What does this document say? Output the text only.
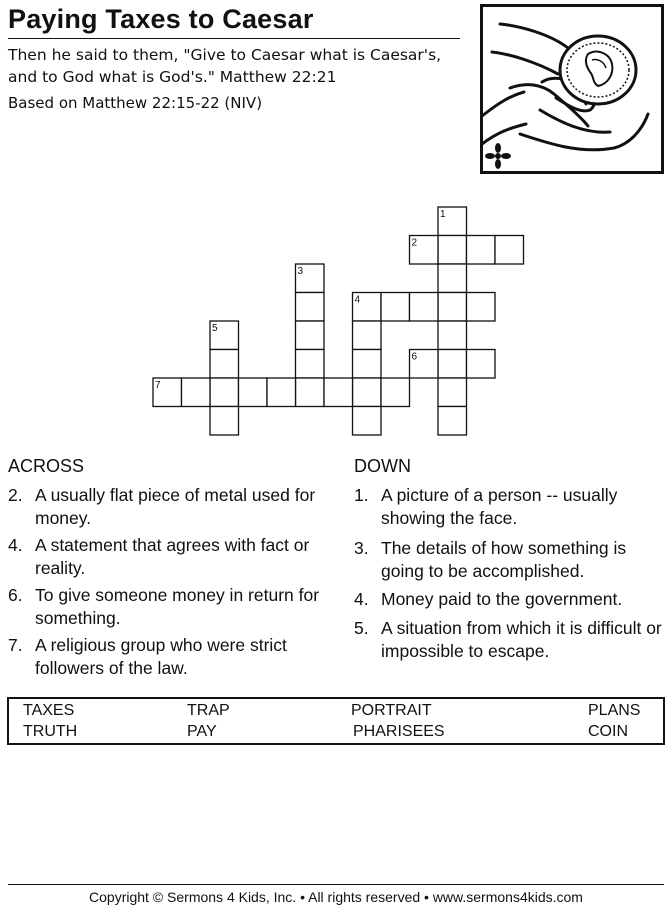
Paying Taxes to Caesar
Then he said to them, "Give to Caesar what is Caesar's, and to God what is God's." Matthew 22:21
Based on Matthew 22:15-22 (NIV)
1
2
3
4
5
6
7
ACROSS	DOWN
2. A usually flat piece of metal used for money.
4. A statement that agrees with fact or reality.
6. To give someone money in return for something.
7. A religious group who were strict followers of the law.
1. A picture of a person -- usually showing the face.
3. The details of how something is going to be accomplished.
4. Money paid to the government.
5. A situation from which it is difficult or impossible to escape.
TAXES	TRAP	PORTRAIT	PLANS
TRUTH	PAY	PHARISEES	COIN
Copyright © Sermons 4 Kids, Inc. • All rights reserved • www.sermons4kids.com
